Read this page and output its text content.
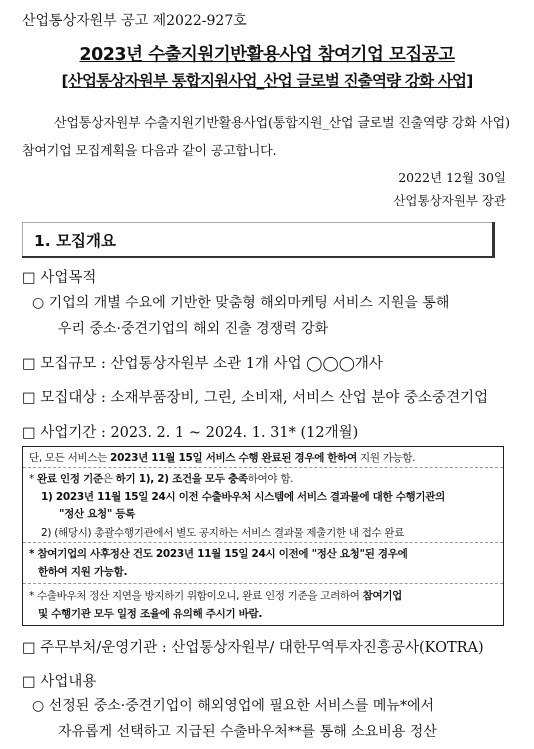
산업통상자원부 공고 제2022-927호
2023년 수출지원기반활용사업 참여기업 모집공고
[산업통상자원부 통합지원사업_산업 글로벌 진출역량 강화 사업]
산업통상자원부 수출지원기반활용사업(통합지원_산업 글로벌 진출역량 강화 사업) 참여기업 모집계획을 다음과 같이 공고합니다.
2022년 12월 30일
산업통상자원부 장관
1. 모집개요
□ 사업목적
○ 기업의 개별 수요에 기반한 맞춤형 해외마케팅 서비스 지원을 통해
우리 중소·중견기업의 해외 진출 경쟁력 강화
□ 모집규모 : 산업통상자원부 소관 1개 사업 ◯◯◯개사
□ 모집대상 : 소재부품장비, 그린, 소비재, 서비스 산업 분야 중소중견기업
□ 사업기간 : 2023. 2. 1 ~ 2024. 1. 31* (12개월)
단, 모든 서비스는 2023년 11월 15일 서비스 수행 완료된 경우에 한하여 지원 가능함.
* 완료 인정 기준은 하기 1), 2) 조건을 모두 충족하여야 함.
1) 2023년 11월 15일 24시 이전 수출바우처 시스템에 서비스 결과물에 대한 수행기관의
"정산 요청" 등록
2) (해당시) 총괄수행기관에서 별도 공지하는 서비스 결과물 제출기한 내 접수 완료
* 참여기업의 사후정산 건도 2023년 11월 15일 24시 이전에 "정산 요청"된 경우에
한하여 지원 가능함.
* 수출바우처 정산 지연을 방지하기 위함이오니, 완료 인정 기준을 고려하여 참여기업
및 수행기관 모두 일정 조율에 유의해 주시기 바람.
□ 주무부처/운영기관 : 산업통상자원부/ 대한무역투자진흥공사(KOTRA)
□ 사업내용
○ 선정된 중소·중견기업이 해외영업에 필요한 서비스를 메뉴*에서
자유롭게 선택하고 지급된 수출바우처**를 통해 소요비용 정산
